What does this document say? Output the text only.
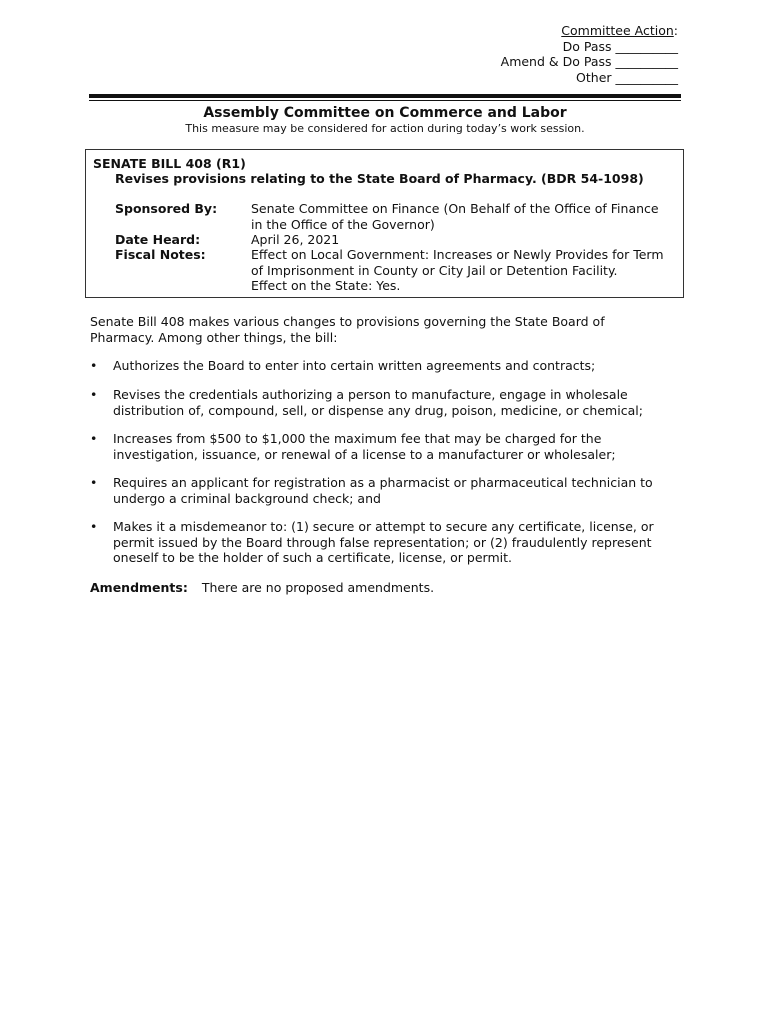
Committee Action:
Do Pass __________
Amend & Do Pass __________
Other __________
Assembly Committee on Commerce and Labor
This measure may be considered for action during today’s work session.
SENATE BILL 408 (R1)
Revises provisions relating to the State Board of Pharmacy. (BDR 54-1098)
Sponsored By:	Senate Committee on Finance (On Behalf of the Office of Finance
in the Office of the Governor)
Date Heard:	April 26, 2021
Fiscal Notes:	Effect on Local Government: Increases or Newly Provides for Term
of Imprisonment in County or City Jail or Detention Facility.
Effect on the State: Yes.
Senate Bill 408 makes various changes to provisions governing the State Board of
Pharmacy. Among other things, the bill:
• Authorizes the Board to enter into certain written agreements and contracts;
• Revises the credentials authorizing a person to manufacture, engage in wholesale
distribution of, compound, sell, or dispense any drug, poison, medicine, or chemical;
• Increases from $500 to $1,000 the maximum fee that may be charged for the
investigation, issuance, or renewal of a license to a manufacturer or wholesaler;
• Requires an applicant for registration as a pharmacist or pharmaceutical technician to
undergo a criminal background check; and
• Makes it a misdemeanor to: (1) secure or attempt to secure any certificate, license, or
permit issued by the Board through false representation; or (2) fraudulently represent
oneself to be the holder of such a certificate, license, or permit.
Amendments: There are no proposed amendments.
